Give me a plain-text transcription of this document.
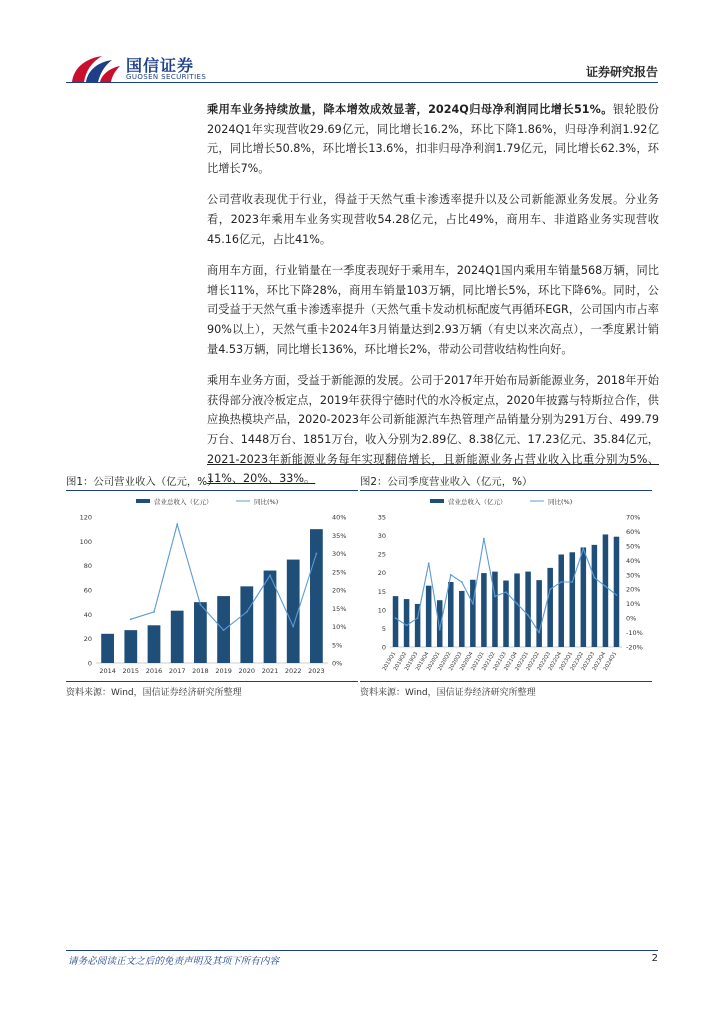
国信证券
GUOSEN SECURITIES	证券研究报告

乘用车业务持续放量，降本增效成效显著，2024Q归母净利润同比增长51%。银轮股份2024Q1年实现营收29.69亿元，同比增长16.2%，环比下降1.86%，归母净利润1.92亿元，同比增长50.8%，环比增长13.6%，扣非归母净利润1.79亿元，同比增长62.3%，环比增长7%。

公司营收表现优于行业，得益于天然气重卡渗透率提升以及公司新能源业务发展。分业务看，2023年乘用车业务实现营收54.28亿元，占比49%，商用车、非道路业务实现营收45.16亿元，占比41%。

商用车方面，行业销量在一季度表现好于乘用车，2024Q1国内乘用车销量568万辆，同比增长11%，环比下降28%，商用车销量103万辆，同比增长5%，环比下降6%。同时，公司受益于天然气重卡渗透率提升（天然气重卡发动机标配废气再循环EGR，公司国内市占率90%以上），天然气重卡2024年3月销量达到2.93万辆（有史以来次高点），一季度累计销量4.53万辆，同比增长136%，环比增长2%，带动公司营收结构性向好。

乘用车业务方面，受益于新能源的发展。公司于2017年开始布局新能源业务，2018年开始获得部分液冷板定点，2019年获得宁德时代的水冷板定点，2020年披露与特斯拉合作，供应换热模块产品，2020-2023年公司新能源汽车热管理产品销量分别为291万台、499.79万台、1448万台、1851万台，收入分别为2.89亿、8.38亿元、17.23亿元、35.84亿元，2021-2023年新能源业务每年实现翻倍增长，且新能源业务占营业收入比重分别为5%、11%、20%、33%。

图1：公司营业收入（亿元，%）
营业总收入（亿元）	同比(%)
0
20
40
60
80
100
120
0%
5%
10%
15%
20%
25%
30%
35%
40%
2014 2015 2016 2017 2018 2019 2020 2021 2022 2023
资料来源：Wind，国信证券经济研究所整理
图2：公司季度营业收入（亿元，%）
营业总收入（亿元）	同比(%)
0
5
10
15
20
25
30
35
-20%
-10%
0%
10%
20%
30%
40%
50%
60%
70%
2019Q1
2019Q2
2019Q3
2019Q4
2020Q1
2020Q2
2020Q3
2020Q4
2021Q1
2021Q2
2021Q3
2021Q4
2022Q1
2022Q2
2022Q3
2022Q4
2023Q1
2023Q2
2023Q3
2023Q4
2024Q1
资料来源：Wind，国信证券经济研究所整理
请务必阅读正文之后的免责声明及其项下所有内容	2
